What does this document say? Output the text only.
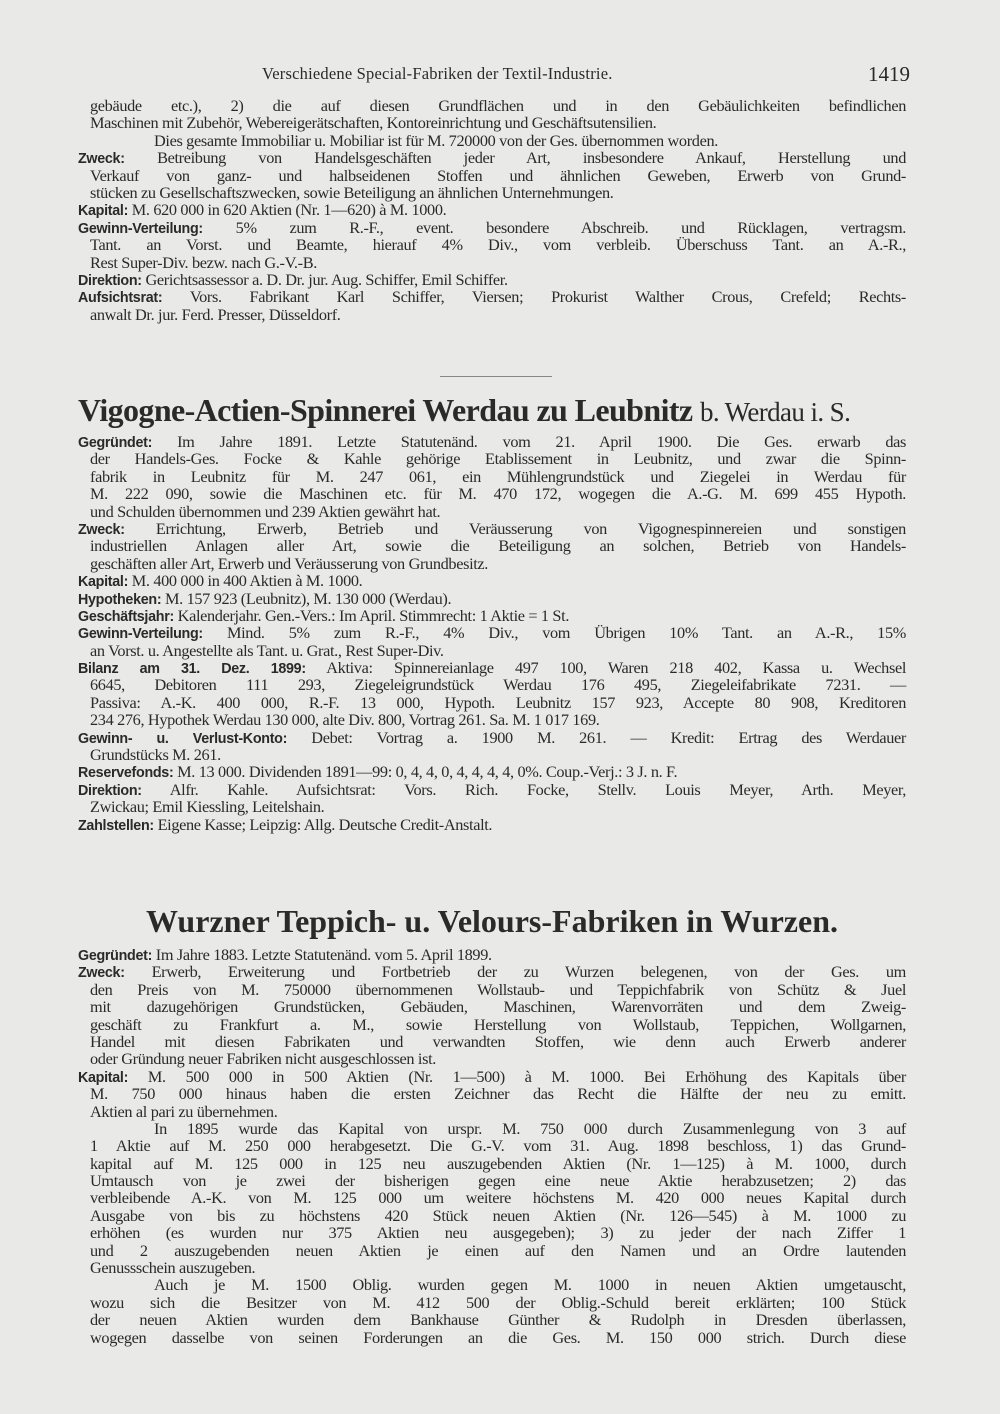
Verschiedene Special-Fabriken der Textil-Industrie.	1419
gebäude etc.), 2) die auf diesen Grundflächen und in den Gebäulichkeiten befindlichen
Maschinen mit Zubehör, Webereigerätschaften, Kontoreinrichtung und Geschäftsutensilien.
Dies gesamte Immobiliar u. Mobiliar ist für M. 720000 von der Ges. übernommen worden.
Zweck: Betreibung von Handelsgeschäften jeder Art, insbesondere Ankauf, Herstellung und
Verkauf von ganz- und halbseidenen Stoffen und ähnlichen Geweben, Erwerb von Grund-
stücken zu Gesellschaftszwecken, sowie Beteiligung an ähnlichen Unternehmungen.
Kapital: M. 620 000 in 620 Aktien (Nr. 1—620) à M. 1000.
Gewinn-Verteilung: 5% zum R.-F., event. besondere Abschreib. und Rücklagen, vertragsm.
Tant. an Vorst. und Beamte, hierauf 4% Div., vom verbleib. Überschuss Tant. an A.-R.,
Rest Super-Div. bezw. nach G.-V.-B.
Direktion: Gerichtsassessor a. D. Dr. jur. Aug. Schiffer, Emil Schiffer.
Aufsichtsrat: Vors. Fabrikant Karl Schiffer, Viersen; Prokurist Walther Crous, Crefeld; Rechts-
anwalt Dr. jur. Ferd. Presser, Düsseldorf.
Vigogne-Actien-Spinnerei Werdau zu Leubnitz b. Werdau i. S.
Gegründet: Im Jahre 1891. Letzte Statutenänd. vom 21. April 1900. Die Ges. erwarb das
der Handels-Ges. Focke & Kahle gehörige Etablissement in Leubnitz, und zwar die Spinn-
fabrik in Leubnitz für M. 247 061, ein Mühlengrundstück und Ziegelei in Werdau für
M. 222 090, sowie die Maschinen etc. für M. 470 172, wogegen die A.-G. M. 699 455 Hypoth.
und Schulden übernommen und 239 Aktien gewährt hat.
Zweck: Errichtung, Erwerb, Betrieb und Veräusserung von Vigognespinnereien und sonstigen
industriellen Anlagen aller Art, sowie die Beteiligung an solchen, Betrieb von Handels-
geschäften aller Art, Erwerb und Veräusserung von Grundbesitz.
Kapital: M. 400 000 in 400 Aktien à M. 1000.
Hypotheken: M. 157 923 (Leubnitz), M. 130 000 (Werdau).
Geschäftsjahr: Kalenderjahr. Gen.-Vers.: Im April. Stimmrecht: 1 Aktie = 1 St.
Gewinn-Verteilung: Mind. 5% zum R.-F., 4% Div., vom Übrigen 10% Tant. an A.-R., 15%
an Vorst. u. Angestellte als Tant. u. Grat., Rest Super-Div.
Bilanz am 31. Dez. 1899: Aktiva: Spinnereianlage 497 100, Waren 218 402, Kassa u. Wechsel
6645, Debitoren 111 293, Ziegeleigrundstück Werdau 176 495, Ziegeleifabrikate 7231. —
Passiva: A.-K. 400 000, R.-F. 13 000, Hypoth. Leubnitz 157 923, Accepte 80 908, Kreditoren
234 276, Hypothek Werdau 130 000, alte Div. 800, Vortrag 261. Sa. M. 1 017 169.
Gewinn- u. Verlust-Konto: Debet: Vortrag a. 1900 M. 261. — Kredit: Ertrag des Werdauer
Grundstücks M. 261.
Reservefonds: M. 13 000. Dividenden 1891—99: 0, 4, 4, 0, 4, 4, 4, 4, 0%. Coup.-Verj.: 3 J. n. F.
Direktion: Alfr. Kahle. Aufsichtsrat: Vors. Rich. Focke, Stellv. Louis Meyer, Arth. Meyer,
Zwickau; Emil Kiessling, Leitelshain.
Zahlstellen: Eigene Kasse; Leipzig: Allg. Deutsche Credit-Anstalt.
Wurzner Teppich- u. Velours-Fabriken in Wurzen.
Gegründet: Im Jahre 1883. Letzte Statutenänd. vom 5. April 1899.
Zweck: Erwerb, Erweiterung und Fortbetrieb der zu Wurzen belegenen, von der Ges. um
den Preis von M. 750000 übernommenen Wollstaub- und Teppichfabrik von Schütz & Juel
mit dazugehörigen Grundstücken, Gebäuden, Maschinen, Warenvorräten und dem Zweig-
geschäft zu Frankfurt a. M., sowie Herstellung von Wollstaub, Teppichen, Wollgarnen,
Handel mit diesen Fabrikaten und verwandten Stoffen, wie denn auch Erwerb anderer
oder Gründung neuer Fabriken nicht ausgeschlossen ist.
Kapital: M. 500 000 in 500 Aktien (Nr. 1—500) à M. 1000. Bei Erhöhung des Kapitals über
M. 750 000 hinaus haben die ersten Zeichner das Recht die Hälfte der neu zu emitt.
Aktien al pari zu übernehmen.
In 1895 wurde das Kapital von urspr. M. 750 000 durch Zusammenlegung von 3 auf
1 Aktie auf M. 250 000 herabgesetzt. Die G.-V. vom 31. Aug. 1898 beschloss, 1) das Grund-
kapital auf M. 125 000 in 125 neu auszugebenden Aktien (Nr. 1—125) à M. 1000, durch
Umtausch von je zwei der bisherigen gegen eine neue Aktie herabzusetzen; 2) das
verbleibende A.-K. von M. 125 000 um weitere höchstens M. 420 000 neues Kapital durch
Ausgabe von bis zu höchstens 420 Stück neuen Aktien (Nr. 126—545) à M. 1000 zu
erhöhen (es wurden nur 375 Aktien neu ausgegeben); 3) zu jeder der nach Ziffer 1
und 2 auszugebenden neuen Aktien je einen auf den Namen und an Ordre lautenden
Genussschein auszugeben.
Auch je M. 1500 Oblig. wurden gegen M. 1000 in neuen Aktien umgetauscht,
wozu sich die Besitzer von M. 412 500 der Oblig.-Schuld bereit erklärten; 100 Stück
der neuen Aktien wurden dem Bankhause Günther & Rudolph in Dresden überlassen,
wogegen dasselbe von seinen Forderungen an die Ges. M. 150 000 strich. Durch diese
